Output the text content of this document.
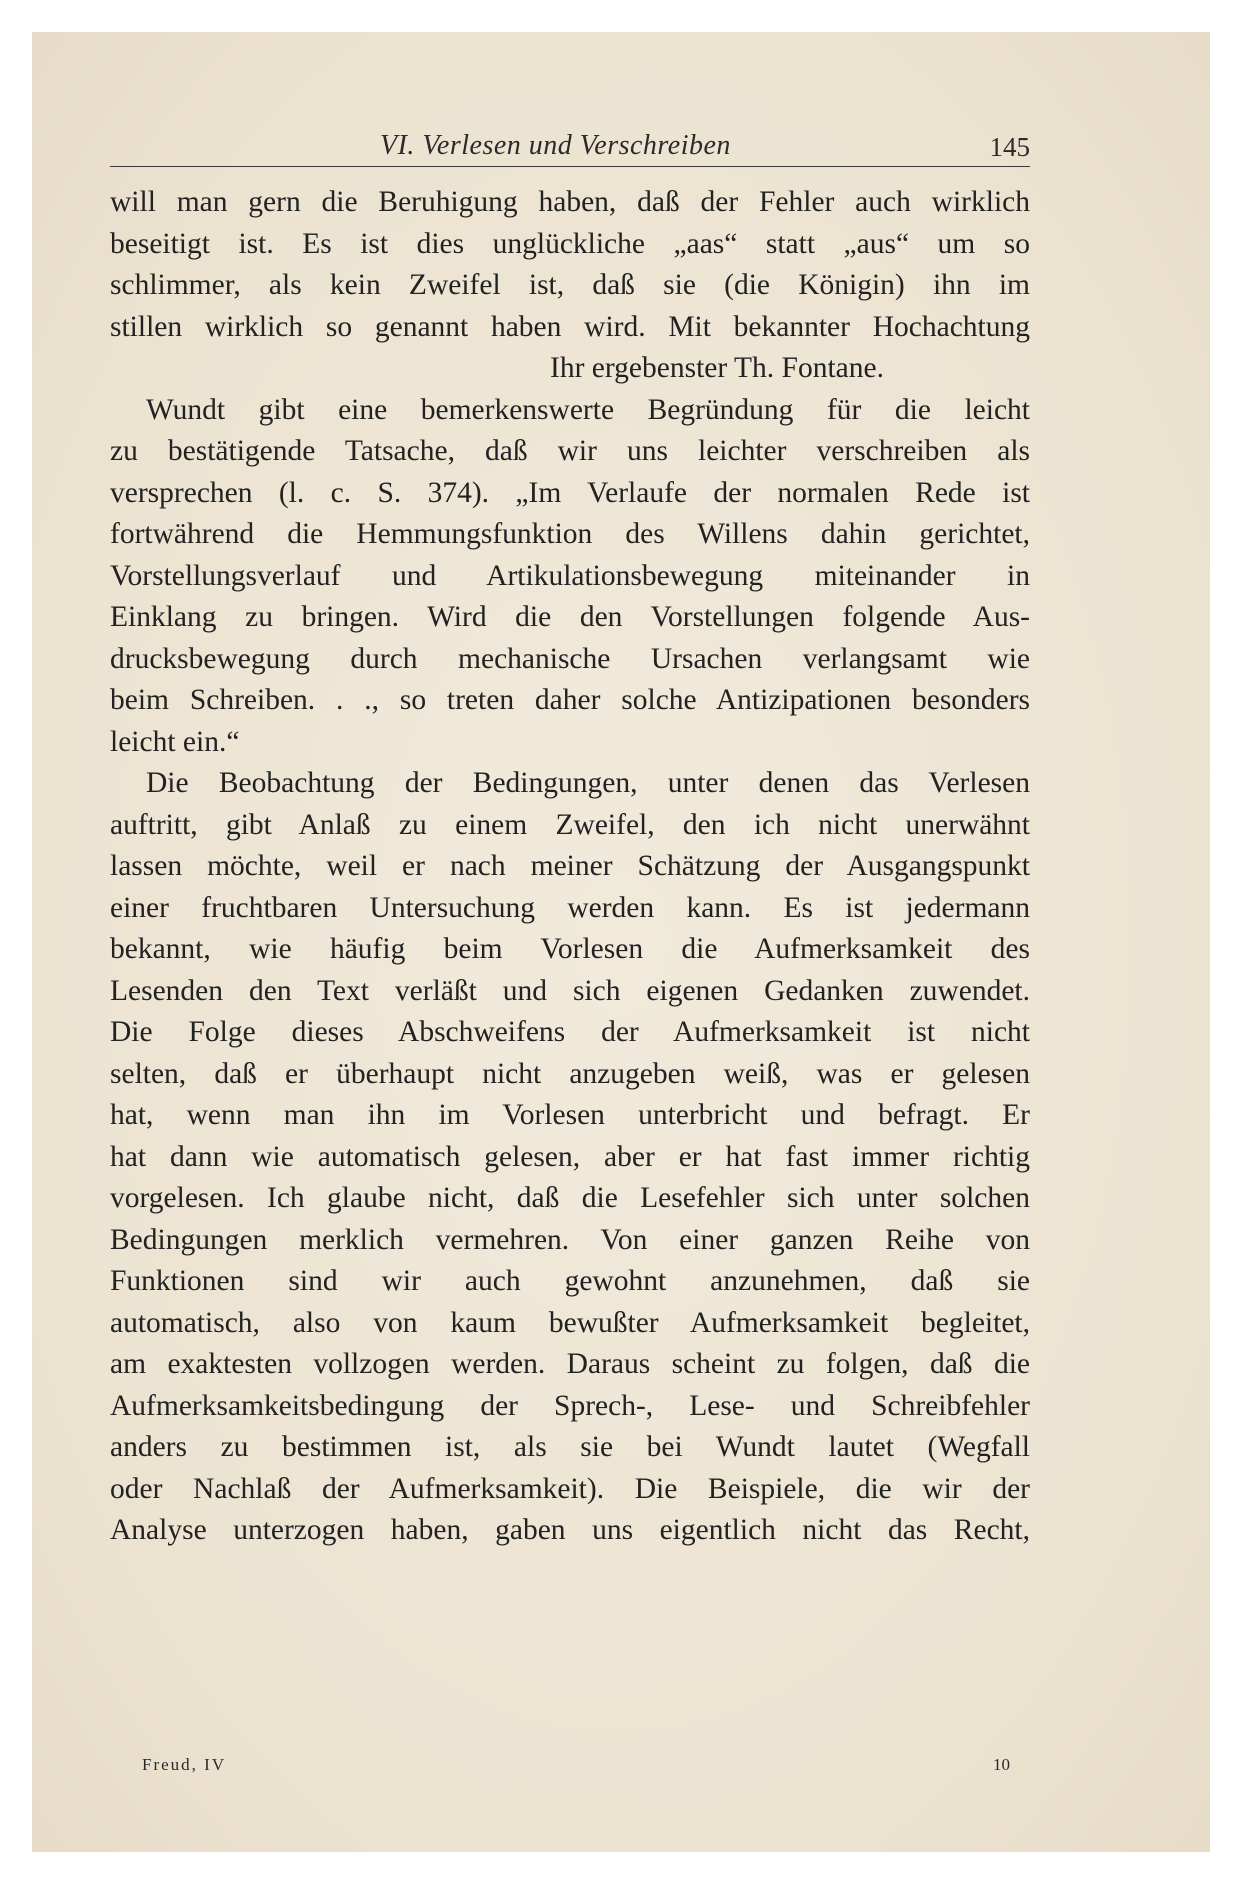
VI. Verlesen und Verschreiben	145
will man gern die Beruhigung haben, daß der Fehler auch wirklich
beseitigt ist. Es ist dies unglückliche „aas“ statt „aus“ um so
schlimmer, als kein Zweifel ist, daß sie (die Königin) ihn im
stillen wirklich so genannt haben wird. Mit bekannter Hochachtung
Ihr ergebenster Th. Fontane.
Wundt gibt eine bemerkenswerte Begründung für die leicht
zu bestätigende Tatsache, daß wir uns leichter verschreiben als
versprechen (l. c. S. 374). „Im Verlaufe der normalen Rede ist
fortwährend die Hemmungsfunktion des Willens dahin gerichtet,
Vorstellungsverlauf und Artikulationsbewegung miteinander in
Einklang zu bringen. Wird die den Vorstellungen folgende Aus-
drucksbewegung durch mechanische Ursachen verlangsamt wie
beim Schreiben. . ., so treten daher solche Antizipationen besonders
leicht ein.“
Die Beobachtung der Bedingungen, unter denen das Verlesen
auftritt, gibt Anlaß zu einem Zweifel, den ich nicht unerwähnt
lassen möchte, weil er nach meiner Schätzung der Ausgangspunkt
einer fruchtbaren Untersuchung werden kann. Es ist jedermann
bekannt, wie häufig beim Vorlesen die Aufmerksamkeit des
Lesenden den Text verläßt und sich eigenen Gedanken zuwendet.
Die Folge dieses Abschweifens der Aufmerksamkeit ist nicht
selten, daß er überhaupt nicht anzugeben weiß, was er gelesen
hat, wenn man ihn im Vorlesen unterbricht und befragt. Er
hat dann wie automatisch gelesen, aber er hat fast immer richtig
vorgelesen. Ich glaube nicht, daß die Lesefehler sich unter solchen
Bedingungen merklich vermehren. Von einer ganzen Reihe von
Funktionen sind wir auch gewohnt anzunehmen, daß sie
automatisch, also von kaum bewußter Aufmerksamkeit begleitet,
am exaktesten vollzogen werden. Daraus scheint zu folgen, daß die
Aufmerksamkeitsbedingung der Sprech-, Lese- und Schreibfehler
anders zu bestimmen ist, als sie bei Wundt lautet (Wegfall
oder Nachlaß der Aufmerksamkeit). Die Beispiele, die wir der
Analyse unterzogen haben, gaben uns eigentlich nicht das Recht,
Freud, IV	10
